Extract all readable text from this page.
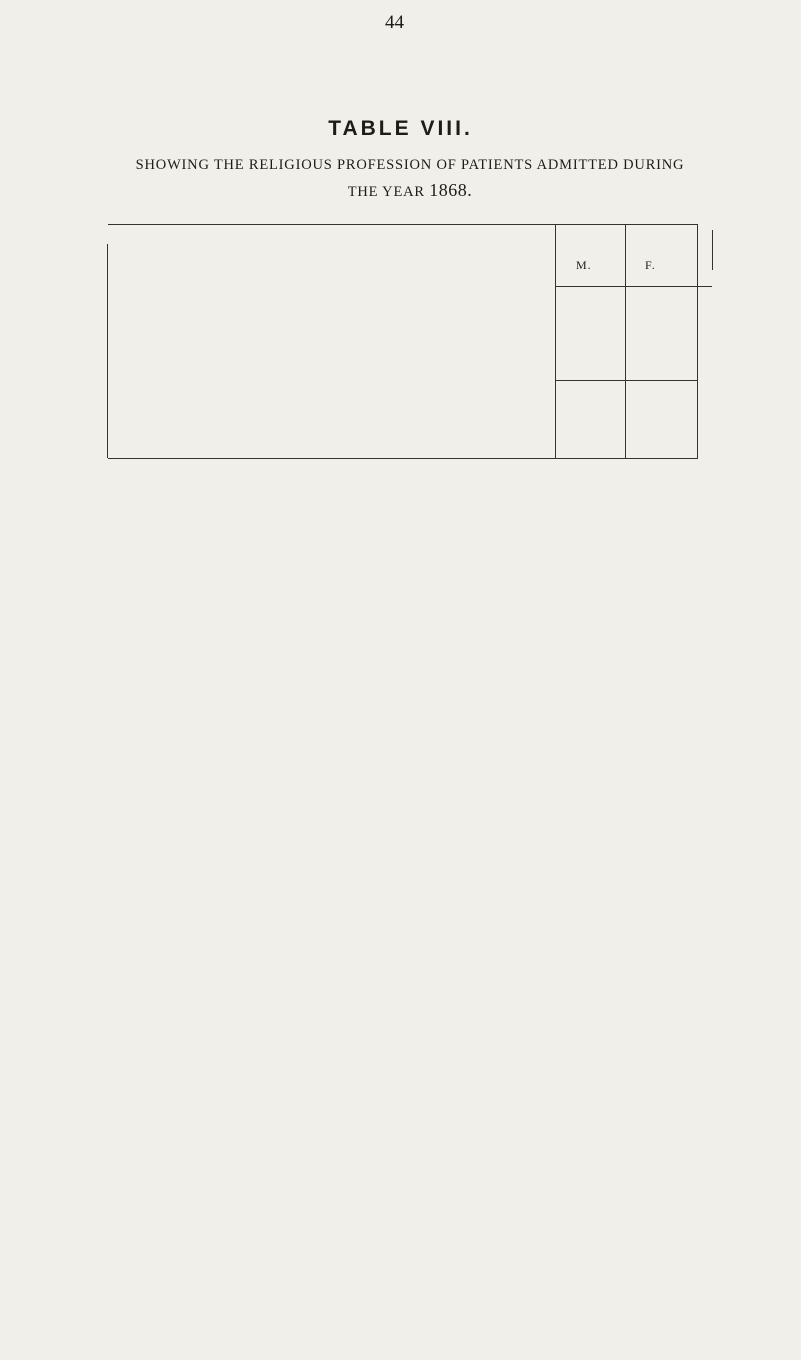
44
TABLE VIII.
SHOWING THE RELIGIOUS PROFESSION OF PATIENTS ADMITTED DURING
THE YEAR 1868.
M.	F.
